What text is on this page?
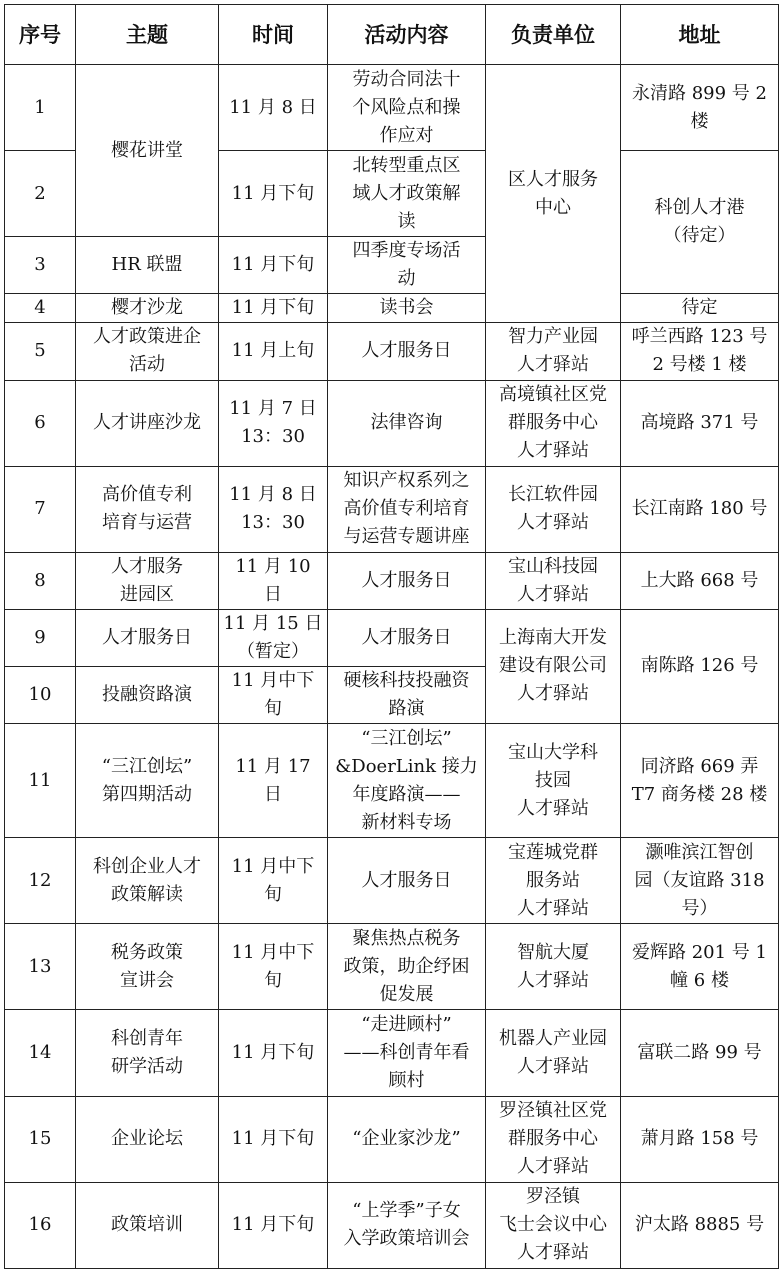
序号	主题	时间	活动内容	负责单位	地址
1	樱花讲堂	11 月 8 日	劳动合同法十
个风险点和操
作应对	区人才服务
中心	永清路 899 号 2
楼
2		11 月下旬	北转型重点区
域人才政策解
读		科创人才港
（待定）
3	HR 联盟	11 月下旬	四季度专场活
动		
4	樱才沙龙	11 月下旬	读书会		待定
5	人才政策进企
活动	11 月上旬	人才服务日	智力产业园
人才驿站	呼兰西路 123 号
2 号楼 1 楼
6	人才讲座沙龙	11 月 7 日
13：30	法律咨询	高境镇社区党
群服务中心
人才驿站	高境路 371 号
7	高价值专利
培育与运营	11 月 8 日
13：30	知识产权系列之
高价值专利培育
与运营专题讲座	长江软件园
人才驿站	长江南路 180 号
8	人才服务
进园区	11 月 10
日	人才服务日	宝山科技园
人才驿站	上大路 668 号
9	人才服务日	11 月 15 日
（暂定）	人才服务日	上海南大开发
建设有限公司
人才驿站	南陈路 126 号
10	投融资路演	11 月中下
旬	硬核科技投融资
路演		
11	“三江创坛”
第四期活动	11 月 17
日	“三江创坛”
&DoerLink 接力
年度路演——
新材料专场	宝山大学科
技园
人才驿站	同济路 669 弄
T7 商务楼 28 楼
12	科创企业人才
政策解读	11 月中下
旬	人才服务日	宝莲城党群
服务站
人才驿站	灏唯滨江智创
园（友谊路 318
号）
13	税务政策
宣讲会	11 月中下
旬	聚焦热点税务
政策，助企纾困
促发展	智航大厦
人才驿站	爱辉路 201 号 1
幢 6 楼
14	科创青年
研学活动	11 月下旬	“走进顾村”
——科创青年看
顾村	机器人产业园
人才驿站	富联二路 99 号
15	企业论坛	11 月下旬	“企业家沙龙”	罗泾镇社区党
群服务中心
人才驿站	萧月路 158 号
16	政策培训	11 月下旬	“上学季”子女
入学政策培训会	罗泾镇
飞士会议中心
人才驿站	沪太路 8885 号
